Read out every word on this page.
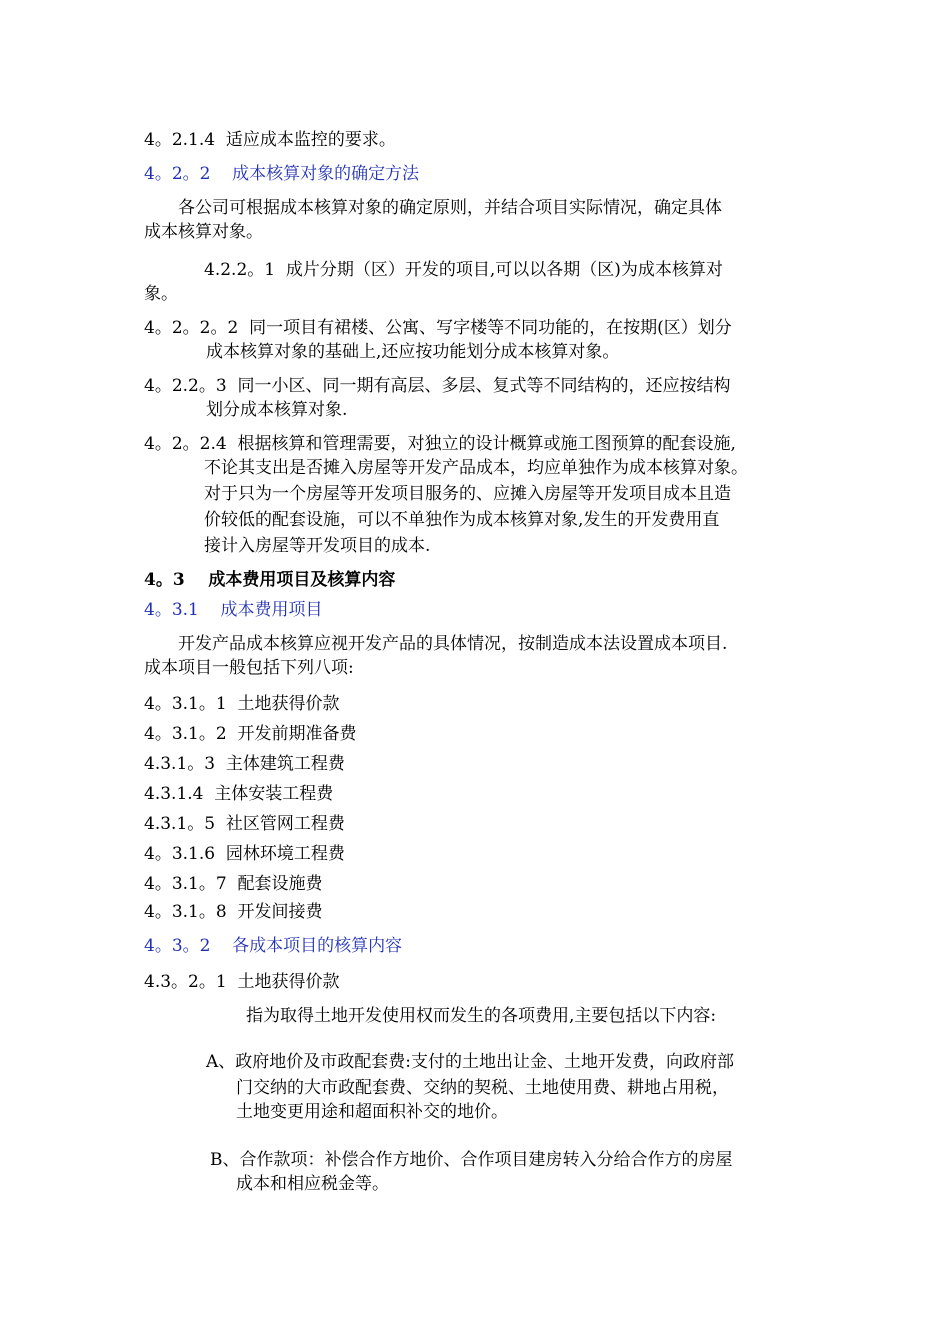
4。2.1.4  适应成本监控的要求。
4。2。2    成本核算对象的确定方法
各公司可根据成本核算对象的确定原则，并结合项目实际情况，确定具体
成本核算对象。
4.2.2。1  成片分期（区）开发的项目,可以以各期（区)为成本核算对
象。
4。2。2。2  同一项目有裙楼、公寓、写字楼等不同功能的，在按期(区）划分
成本核算对象的基础上,还应按功能划分成本核算对象。
4。2.2。3  同一小区、同一期有高层、多层、复式等不同结构的，还应按结构
划分成本核算对象.
4。2。2.4  根据核算和管理需要，对独立的设计概算或施工图预算的配套设施,
不论其支出是否摊入房屋等开发产品成本，均应单独作为成本核算对象。
对于只为一个房屋等开发项目服务的、应摊入房屋等开发项目成本且造
价较低的配套设施，可以不单独作为成本核算对象,发生的开发费用直
接计入房屋等开发项目的成本.
4。3    成本费用项目及核算内容
4。3.1    成本费用项目
开发产品成本核算应视开发产品的具体情况，按制造成本法设置成本项目.
成本项目一般包括下列八项:
4。3.1。1  土地获得价款
4。3.1。2  开发前期准备费
4.3.1。3  主体建筑工程费
4.3.1.4  主体安装工程费
4.3.1。5  社区管网工程费
4。3.1.6  园林环境工程费
4。3.1。7  配套设施费
4。3.1。8  开发间接费
4。3。2    各成本项目的核算内容
4.3。2。1  土地获得价款
指为取得土地开发使用权而发生的各项费用,主要包括以下内容:
A、政府地价及市政配套费:支付的土地出让金、土地开发费，向政府部
门交纳的大市政配套费、交纳的契税、土地使用费、耕地占用税，
土地变更用途和超面积补交的地价。
B、合作款项：补偿合作方地价、合作项目建房转入分给合作方的房屋
成本和相应税金等。
